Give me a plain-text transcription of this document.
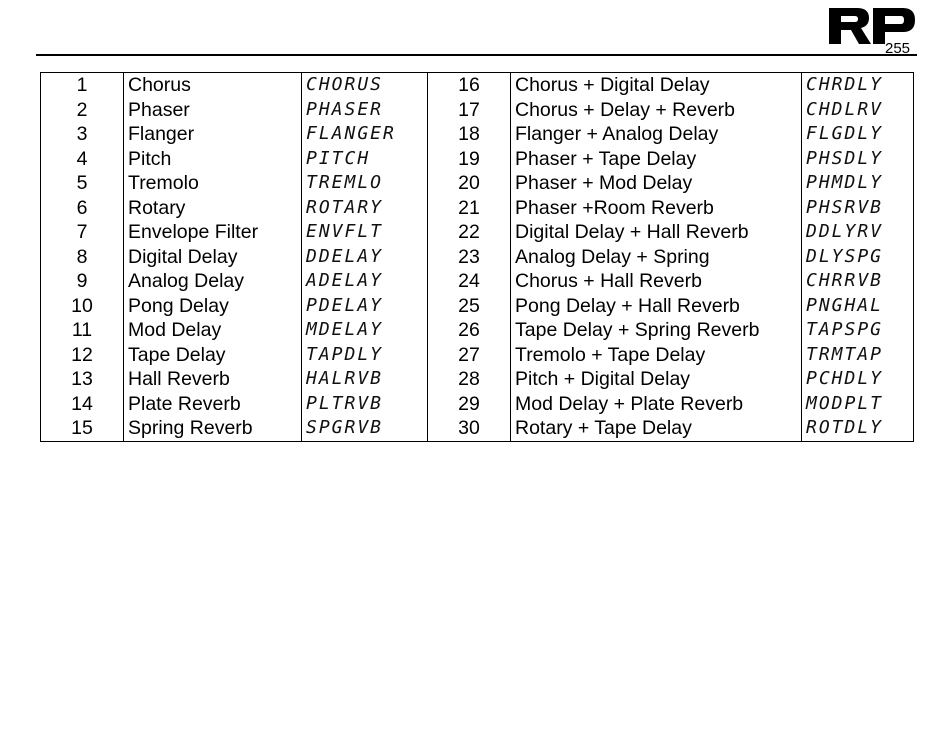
255
1	Chorus	CHORUS	16	Chorus + Digital Delay	CHRDLY
2	Phaser	PHASER	17	Chorus + Delay + Reverb	CHDLRV
3	Flanger	FLANGER	18	Flanger + Analog Delay	FLGDLY
4	Pitch	PITCH	19	Phaser + Tape Delay	PHSDLY
5	Tremolo	TREMLO	20	Phaser + Mod Delay	PHMDLY
6	Rotary	ROTARY	21	Phaser +Room Reverb	PHSRVB
7	Envelope Filter	ENVFLT	22	Digital Delay + Hall Reverb	DDLYRV
8	Digital Delay	DDELAY	23	Analog Delay + Spring	DLYSPG
9	Analog Delay	ADELAY	24	Chorus + Hall Reverb	CHRRVB
10	Pong Delay	PDELAY	25	Pong Delay + Hall Reverb	PNGHAL
11	Mod Delay	MDELAY	26	Tape Delay + Spring Reverb	TAPSPG
12	Tape Delay	TAPDLY	27	Tremolo + Tape Delay	TRMTAP
13	Hall Reverb	HALRVB	28	Pitch + Digital Delay	PCHDLY
14	Plate Reverb	PLTRVB	29	Mod Delay + Plate Reverb	MODPLT
15	Spring Reverb	SPGRVB	30	Rotary + Tape Delay	ROTDLY
